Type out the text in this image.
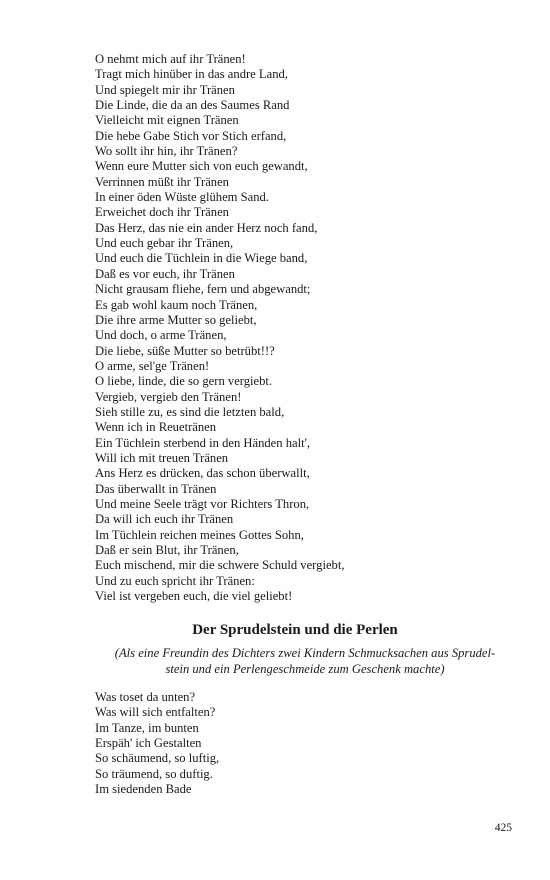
O nehmt mich auf ihr Tränen!
Tragt mich hinüber in das andre Land,
Und spiegelt mir ihr Tränen
Die Linde, die da an des Saumes Rand
Vielleicht mit eignen Tränen
Die hebe Gabe Stich vor Stich erfand,
Wo sollt ihr hin, ihr Tränen?
Wenn eure Mutter sich von euch gewandt,
Verrinnen müßt ihr Tränen
In einer öden Wüste glühem Sand.
Erweichet doch ihr Tränen
Das Herz, das nie ein ander Herz noch fand,
Und euch gebar ihr Tränen,
Und euch die Tüchlein in die Wiege band,
Daß es vor euch, ihr Tränen
Nicht grausam fliehe, fern und abgewandt;
Es gab wohl kaum noch Tränen,
Die ihre arme Mutter so geliebt,
Und doch, o arme Tränen,
Die liebe, süße Mutter so betrübt!!?
O arme, sel'ge Tränen!
O liebe, linde, die so gern vergiebt.
Vergieb, vergieb den Tränen!
Sieh stille zu, es sind die letzten bald,
Wenn ich in Reuetränen
Ein Tüchlein sterbend in den Händen halt',
Will ich mit treuen Tränen
Ans Herz es drücken, das schon überwallt,
Das überwallt in Tränen
Und meine Seele trägt vor Richters Thron,
Da will ich euch ihr Tränen
Im Tüchlein reichen meines Gottes Sohn,
Daß er sein Blut, ihr Tränen,
Euch mischend, mir die schwere Schuld vergiebt,
Und zu euch spricht ihr Tränen:
Viel ist vergeben euch, die viel geliebt!
Der Sprudelstein und die Perlen
(Als eine Freundin des Dichters zwei Kindern Schmucksachen aus Sprudel-
stein und ein Perlengeschmeide zum Geschenk machte)
Was toset da unten?
Was will sich entfalten?
Im Tanze, im bunten
Erspäh' ich Gestalten
So schäumend, so luftig,
So träumend, so duftig.
Im siedenden Bade
425
